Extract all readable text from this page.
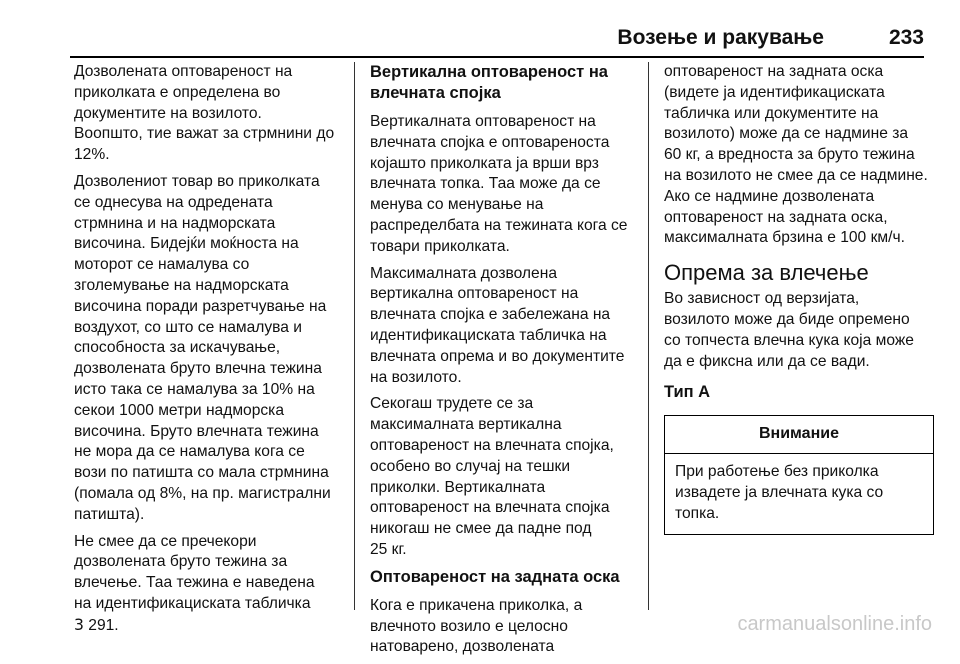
Возење и ракување	233

Дозволената оптовареност на
приколката е определена во
документите на возилото.
Воопшто, тие важат за стрмнини до
12%.

Дозволениот товар во приколката
се однесува на одредената
стрмнина и на надморската
височина. Бидејќи моќноста на
моторот се намалува со
зголемување на надморската
височина поради разретчување на
воздухот, со што се намалува и
способноста за искачување,
дозволената бруто влечна тежина
исто така се намалува за 10% на
секои 1000 метри надморска
височина. Бруто влечната тежина
не мора да се намалува кога се
вози по патишта со мала стрмнина
(помала од 8%, на пр. магистрални
патишта).

Не смее да се пречекори
дозволената бруто тежина за
влечење. Таа тежина е наведена
на идентификациската табличка
3 291.

Вертикална оптовареност на
влечната спојка

Вертикалната оптовареност на
влечната спојка е оптовареноста
којашто приколката ја врши врз
влечната топка. Таа може да се
менува со менување на
распределбата на тежината кога се
товари приколката.

Максималната дозволена
вертикална оптовареност на
влечната спојка е забележана на
идентификациската табличка на
влечната опрема и во документите
на возилото.

Секогаш трудете се за
максималната вертикална
оптовареност на влечната спојка,
особено во случај на тешки
приколки. Вертикалната
оптовареност на влечната спојка
никогаш не смее да падне под
25 кг.

Оптовареност на задната оска

Кога е прикачена приколка, а
влечното возило е целосно
натоварено, дозволената

оптовареност на задната оска
(видете ја идентификациската
табличка или документите на
возилото) може да се надмине за
60 кг, а вредноста за бруто тежина
на возилото не смее да се надмине.
Ако се надмине дозволената
оптовареност на задната оска,
максималната брзина е 100 км/ч.

Опрема за влечење

Во зависност од верзијата,
возилото може да биде опремено
со топчеста влечна кука која може
да е фиксна или да се вади.

Тип А
Внимание
При работење без приколка
извадете ја влечната кука со
топка.
carmanualsonline.info
